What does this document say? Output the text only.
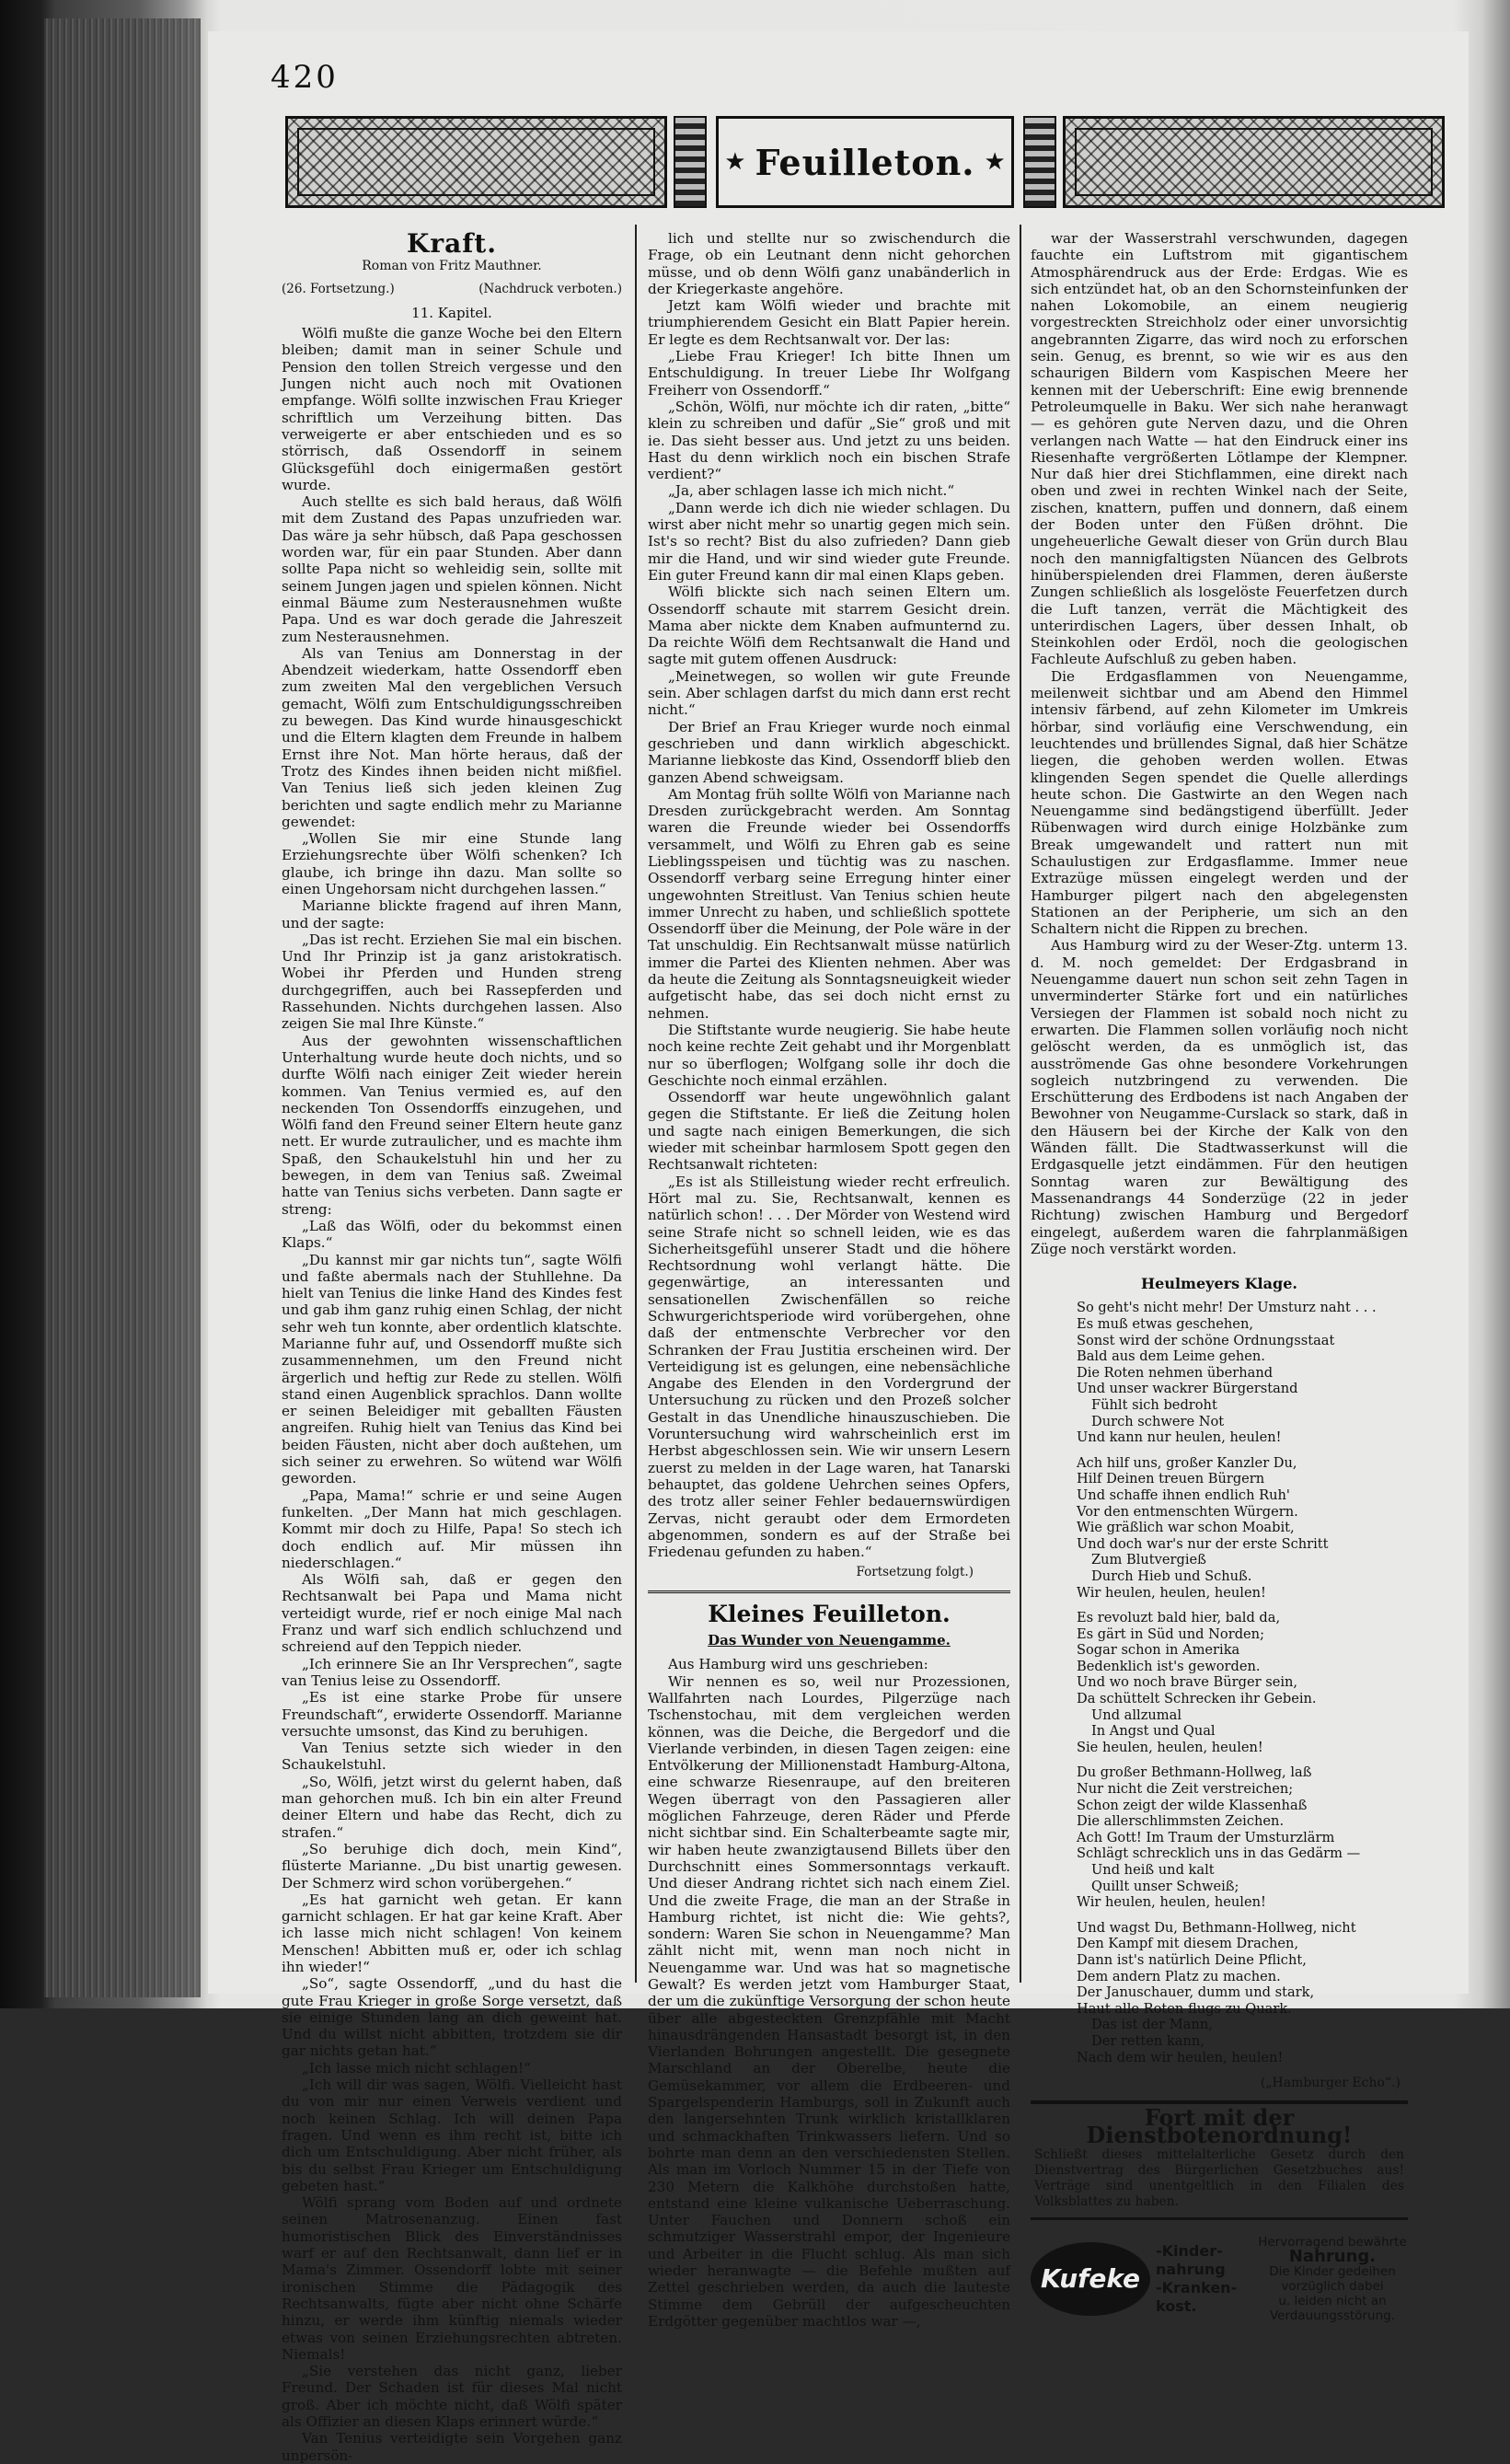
420
★ Feuilleton. ★
Kraft.
Roman von Fritz Mauthner.
(26. Fortsetzung.)	(Nachdruck verboten.)
11. Kapitel.

Wölfi mußte die ganze Woche bei den Eltern bleiben; damit man in seiner Schule und Pension den tollen Streich vergesse und den Jungen nicht auch noch mit Ovationen empfange. Wölfi sollte inzwischen Frau Krieger schriftlich um Verzeihung bitten. Das verweigerte er aber entschieden und es so störrisch, daß Ossendorff in seinem Glücksgefühl doch einigermaßen gestört wurde.

Auch stellte es sich bald heraus, daß Wölfi mit dem Zustand des Papas unzufrieden war. Das wäre ja sehr hübsch, daß Papa geschossen worden war, für ein paar Stunden. Aber dann sollte Papa nicht so wehleidig sein, sollte mit seinem Jungen jagen und spielen können. Nicht einmal Bäume zum Nesterausnehmen wußte Papa. Und es war doch gerade die Jahreszeit zum Nesterausnehmen.

Als van Tenius am Donnerstag in der Abendzeit wiederkam, hatte Ossendorff eben zum zweiten Mal den vergeblichen Versuch gemacht, Wölfi zum Entschuldigungsschreiben zu bewegen. Das Kind wurde hinausgeschickt und die Eltern klagten dem Freunde in halbem Ernst ihre Not. Man hörte heraus, daß der Trotz des Kindes ihnen beiden nicht mißfiel. Van Tenius ließ sich jeden kleinen Zug berichten und sagte endlich mehr zu Marianne gewendet:

„Wollen Sie mir eine Stunde lang Erziehungsrechte über Wölfi schenken? Ich glaube, ich bringe ihn dazu. Man sollte so einen Ungehorsam nicht durchgehen lassen.“

Marianne blickte fragend auf ihren Mann, und der sagte:

„Das ist recht. Erziehen Sie mal ein bischen. Und Ihr Prinzip ist ja ganz aristokratisch. Wobei ihr Pferden und Hunden streng durchgegriffen, auch bei Rassepferden und Rassehunden. Nichts durchgehen lassen. Also zeigen Sie mal Ihre Künste.“

Aus der gewohnten wissenschaftlichen Unterhaltung wurde heute doch nichts, und so durfte Wölfi nach einiger Zeit wieder herein kommen. Van Tenius vermied es, auf den neckenden Ton Ossendorffs einzugehen, und Wölfi fand den Freund seiner Eltern heute ganz nett. Er wurde zutraulicher, und es machte ihm Spaß, den Schaukelstuhl hin und her zu bewegen, in dem van Tenius saß. Zweimal hatte van Tenius sichs verbeten. Dann sagte er streng:

„Laß das Wölfi, oder du bekommst einen Klaps.“

„Du kannst mir gar nichts tun“, sagte Wölfi und faßte abermals nach der Stuhllehne. Da hielt van Tenius die linke Hand des Kindes fest und gab ihm ganz ruhig einen Schlag, der nicht sehr weh tun konnte, aber ordentlich klatschte. Marianne fuhr auf, und Ossendorff mußte sich zusammennehmen, um den Freund nicht ärgerlich und heftig zur Rede zu stellen. Wölfi stand einen Augenblick sprachlos. Dann wollte er seinen Beleidiger mit geballten Fäusten angreifen. Ruhig hielt van Tenius das Kind bei beiden Fäusten, nicht aber doch außtehen, um sich seiner zu erwehren. So wütend war Wölfi geworden.

„Papa, Mama!“ schrie er und seine Augen funkelten. „Der Mann hat mich geschlagen. Kommt mir doch zu Hilfe, Papa! So stech ich doch endlich auf. Mir müssen ihn niederschlagen.“

Als Wölfi sah, daß er gegen den Rechtsanwalt bei Papa und Mama nicht verteidigt wurde, rief er noch einige Mal nach Franz und warf sich endlich schluchzend und schreiend auf den Teppich nieder.

„Ich erinnere Sie an Ihr Versprechen“, sagte van Tenius leise zu Ossendorff.

„Es ist eine starke Probe für unsere Freundschaft“, erwiderte Ossendorff. Marianne versuchte umsonst, das Kind zu beruhigen.

Van Tenius setzte sich wieder in den Schaukelstuhl.

„So, Wölfi, jetzt wirst du gelernt haben, daß man gehorchen muß. Ich bin ein alter Freund deiner Eltern und habe das Recht, dich zu strafen.“

„So beruhige dich doch, mein Kind“, flüsterte Marianne. „Du bist unartig gewesen. Der Schmerz wird schon vorübergehen.“

„Es hat garnicht weh getan. Er kann garnicht schlagen. Er hat gar keine Kraft. Aber ich lasse mich nicht schlagen! Von keinem Menschen! Abbitten muß er, oder ich schlag ihn wieder!“

„So“, sagte Ossendorff, „und du hast die gute Frau Krieger in große Sorge versetzt, daß sie einige Stunden lang an dich geweint hat. Und du willst nicht abbitten, trotzdem sie dir gar nichts getan hat.“

„Ich lasse mich nicht schlagen!“

„Ich will dir was sagen, Wölfi. Vielleicht hast du von mir nur einen Verweis verdient und noch keinen Schlag. Ich will deinen Papa fragen. Und wenn es ihm recht ist, bitte ich dich um Entschuldigung. Aber nicht früher, als bis du selbst Frau Krieger um Entschuldigung gebeten hast.“

Wölfi sprang vom Boden auf und ordnete seinen Matrosenanzug. Einen fast humoristischen Blick des Einverständnisses warf er auf den Rechtsanwalt, dann lief er in Mama's Zimmer. Ossendorff lobte mit seiner ironischen Stimme die Pädagogik des Rechtsanwalts, fügte aber nicht ohne Schärfe hinzu, er werde ihm künftig niemals wieder etwas von seinen Erziehungsrechten abtreten. Niemals!

„Sie verstehen das nicht ganz, lieber Freund. Der Schaden ist für dieses Mal nicht groß. Aber ich möchte nicht, daß Wölfi später als Offizier an diesen Klaps erinnert würde.“

Van Tenius verteidigte sein Vorgehen ganz unpersön-

lich und stellte nur so zwischendurch die Frage, ob ein Leutnant denn nicht gehorchen müsse, und ob denn Wölfi ganz unabänderlich in der Kriegerkaste angehöre.

Jetzt kam Wölfi wieder und brachte mit triumphierendem Gesicht ein Blatt Papier herein. Er legte es dem Rechtsanwalt vor. Der las:

„Liebe Frau Krieger! Ich bitte Ihnen um Entschuldigung. In treuer Liebe Ihr Wolfgang Freiherr von Ossendorff.“

„Schön, Wölfi, nur möchte ich dir raten, „bitte“ klein zu schreiben und dafür „Sie“ groß und mit ie. Das sieht besser aus. Und jetzt zu uns beiden. Hast du denn wirklich noch ein bischen Strafe verdient?“

„Ja, aber schlagen lasse ich mich nicht.“

„Dann werde ich dich nie wieder schlagen. Du wirst aber nicht mehr so unartig gegen mich sein. Ist's so recht? Bist du also zufrieden? Dann gieb mir die Hand, und wir sind wieder gute Freunde. Ein guter Freund kann dir mal einen Klaps geben.

Wölfi blickte sich nach seinen Eltern um. Ossendorff schaute mit starrem Gesicht drein. Mama aber nickte dem Knaben aufmunternd zu. Da reichte Wölfi dem Rechtsanwalt die Hand und sagte mit gutem offenen Ausdruck:

„Meinetwegen, so wollen wir gute Freunde sein. Aber schlagen darfst du mich dann erst recht nicht.“

Der Brief an Frau Krieger wurde noch einmal geschrieben und dann wirklich abgeschickt. Marianne liebkoste das Kind, Ossendorff blieb den ganzen Abend schweigsam.

Am Montag früh sollte Wölfi von Marianne nach Dresden zurückgebracht werden. Am Sonntag waren die Freunde wieder bei Ossendorffs versammelt, und Wölfi zu Ehren gab es seine Lieblingsspeisen und tüchtig was zu naschen. Ossendorff verbarg seine Erregung hinter einer ungewohnten Streitlust. Van Tenius schien heute immer Unrecht zu haben, und schließlich spottete Ossendorff über die Meinung, der Pole wäre in der Tat unschuldig. Ein Rechtsanwalt müsse natürlich immer die Partei des Klienten nehmen. Aber was da heute die Zeitung als Sonntagsneuigkeit wieder aufgetischt habe, das sei doch nicht ernst zu nehmen.

Die Stiftstante wurde neugierig. Sie habe heute noch keine rechte Zeit gehabt und ihr Morgenblatt nur so überflogen; Wolfgang solle ihr doch die Geschichte noch einmal erzählen.

Ossendorff war heute ungewöhnlich galant gegen die Stiftstante. Er ließ die Zeitung holen und sagte nach einigen Bemerkungen, die sich wieder mit scheinbar harmlosem Spott gegen den Rechtsanwalt richteten:

„Es ist als Stilleistung wieder recht erfreulich. Hört mal zu. Sie, Rechtsanwalt, kennen es natürlich schon! . . . Der Mörder von Westend wird seine Strafe nicht so schnell leiden, wie es das Sicherheitsgefühl unserer Stadt und die höhere Rechtsordnung wohl verlangt hätte. Die gegenwärtige, an interessanten und sensationellen Zwischenfällen so reiche Schwurgerichtsperiode wird vorübergehen, ohne daß der entmenschte Verbrecher vor den Schranken der Frau Justitia erscheinen wird. Der Verteidigung ist es gelungen, eine nebensächliche Angabe des Elenden in den Vordergrund der Untersuchung zu rücken und den Prozeß solcher Gestalt in das Unendliche hinauszuschieben. Die Voruntersuchung wird wahrscheinlich erst im Herbst abgeschlossen sein. Wie wir unsern Lesern zuerst zu melden in der Lage waren, hat Tanarski behauptet, das goldene Uehrchen seines Opfers, des trotz aller seiner Fehler bedauernswürdigen Zervas, nicht geraubt oder dem Ermordeten abgenommen, sondern es auf der Straße bei Friedenau gefunden zu haben.“

Fortsetzung folgt.)
Kleines Feuilleton.
Das Wunder von Neuengamme.

Aus Hamburg wird uns geschrieben:

Wir nennen es so, weil nur Prozessionen, Wallfahrten nach Lourdes, Pilgerzüge nach Tschenstochau, mit dem vergleichen werden können, was die Deiche, die Bergedorf und die Vierlande verbinden, in diesen Tagen zeigen: eine Entvölkerung der Millionenstadt Hamburg-Altona, eine schwarze Riesenraupe, auf den breiteren Wegen überragt von den Passagieren aller möglichen Fahrzeuge, deren Räder und Pferde nicht sichtbar sind. Ein Schalterbeamte sagte mir, wir haben heute zwanzigtausend Billets über den Durchschnitt eines Sommersonntags verkauft. Und dieser Andrang richtet sich nach einem Ziel. Und die zweite Frage, die man an der Straße in Hamburg richtet, ist nicht die: Wie gehts?, sondern: Waren Sie schon in Neuengamme? Man zählt nicht mit, wenn man noch nicht in Neuengamme war. Und was hat so magnetische Gewalt? Es werden jetzt vom Hamburger Staat, der um die zukünftige Versorgung der schon heute über alle abgesteckten Grenzpfähle mit Macht hinausdrängenden Hansastadt besorgt ist, in den Vierlanden Bohrungen angestellt. Die gesegnete Marschland an der Oberelbe, heute die Gemüsekammer, vor allem die Erdbeeren- und Spargelspenderin Hamburgs, soll in Zukunft auch den langersehnten Trunk wirklich kristallklaren und schmackhaften Trinkwassers liefern. Und so bohrte man denn an den verschiedensten Stellen. Als man im Vorloch Nummer 15 in der Tiefe von 230 Metern die Kalkhöhe durchstoßen hatte, entstand eine kleine vulkanische Ueberraschung. Unter Fauchen und Donnern schoß ein schmutziger Wasserstrahl empor, der Ingenieure und Arbeiter in die Flucht schlug. Als man sich wieder heranwagte — die Befehle mußten auf Zettel geschrieben werden, da auch die lauteste Stimme dem Gebrüll der aufgescheuchten Erdgötter gegenüber machtlos war —,

war der Wasserstrahl verschwunden, dagegen fauchte ein Luftstrom mit gigantischem Atmosphärendruck aus der Erde: Erdgas. Wie es sich entzündet hat, ob an den Schornsteinfunken der nahen Lokomobile, an einem neugierig vorgestreckten Streichholz oder einer unvorsichtig angebrannten Zigarre, das wird noch zu erforschen sein. Genug, es brennt, so wie wir es aus den schaurigen Bildern vom Kaspischen Meere her kennen mit der Ueberschrift: Eine ewig brennende Petroleumquelle in Baku. Wer sich nahe heranwagt — es gehören gute Nerven dazu, und die Ohren verlangen nach Watte — hat den Eindruck einer ins Riesenhafte vergrößerten Lötlampe der Klempner. Nur daß hier drei Stichflammen, eine direkt nach oben und zwei in rechten Winkel nach der Seite, zischen, knattern, puffen und donnern, daß einem der Boden unter den Füßen dröhnt. Die ungeheuerliche Gewalt dieser von Grün durch Blau noch den mannigfaltigsten Nüancen des Gelbrots hinüberspielenden drei Flammen, deren äußerste Zungen schließlich als losgelöste Feuerfetzen durch die Luft tanzen, verrät die Mächtigkeit des unterirdischen Lagers, über dessen Inhalt, ob Steinkohlen oder Erdöl, noch die geologischen Fachleute Aufschluß zu geben haben.

Die Erdgasflammen von Neuengamme, meilenweit sichtbar und am Abend den Himmel intensiv färbend, auf zehn Kilometer im Umkreis hörbar, sind vorläufig eine Verschwendung, ein leuchtendes und brüllendes Signal, daß hier Schätze liegen, die gehoben werden wollen. Etwas klingenden Segen spendet die Quelle allerdings heute schon. Die Gastwirte an den Wegen nach Neuengamme sind bedängstigend überfüllt. Jeder Rübenwagen wird durch einige Holzbänke zum Break umgewandelt und rattert nun mit Schaulustigen zur Erdgasflamme. Immer neue Extrazüge müssen eingelegt werden und der Hamburger pilgert nach den abgelegensten Stationen an der Peripherie, um sich an den Schaltern nicht die Rippen zu brechen.

Aus Hamburg wird zu der Weser-Ztg. unterm 13. d. M. noch gemeldet: Der Erdgasbrand in Neuengamme dauert nun schon seit zehn Tagen in unverminderter Stärke fort und ein natürliches Versiegen der Flammen ist sobald noch nicht zu erwarten. Die Flammen sollen vorläufig noch nicht gelöscht werden, da es unmöglich ist, das ausströmende Gas ohne besondere Vorkehrungen sogleich nutzbringend zu verwenden. Die Erschütterung des Erdbodens ist nach Angaben der Bewohner von Neugamme-Curslack so stark, daß in den Häusern bei der Kirche der Kalk von den Wänden fällt. Die Stadtwasserkunst will die Erdgasquelle jetzt eindämmen. Für den heutigen Sonntag waren zur Bewältigung des Massenandrangs 44 Sonderzüge (22 in jeder Richtung) zwischen Hamburg und Bergedorf eingelegt, außerdem waren die fahrplanmäßigen Züge noch verstärkt worden.

Heulmeyers Klage.
So geht's nicht mehr! Der Umsturz naht . . .
Es muß etwas geschehen,
Sonst wird der schöne Ordnungsstaat
Bald aus dem Leime gehen.
Die Roten nehmen überhand
Und unser wackrer Bürgerstand
Fühlt sich bedroht
Durch schwere Not
Und kann nur heulen, heulen!
Ach hilf uns, großer Kanzler Du,
Hilf Deinen treuen Bürgern
Und schaffe ihnen endlich Ruh'
Vor den entmenschten Würgern.
Wie gräßlich war schon Moabit,
Und doch war's nur der erste Schritt
Zum Blutvergieß
Durch Hieb und Schuß.
Wir heulen, heulen, heulen!
Es revoluzt bald hier, bald da,
Es gärt in Süd und Norden;
Sogar schon in Amerika
Bedenklich ist's geworden.
Und wo noch brave Bürger sein,
Da schüttelt Schrecken ihr Gebein.
Und allzumal
In Angst und Qual
Sie heulen, heulen, heulen!
Du großer Bethmann-Hollweg, laß
Nur nicht die Zeit verstreichen;
Schon zeigt der wilde Klassenhaß
Die allerschlimmsten Zeichen.
Ach Gott! Im Traum der Umsturzlärm
Schlägt schrecklich uns in das Gedärm —
Und heiß und kalt
Quillt unser Schweiß;
Wir heulen, heulen, heulen!
Und wagst Du, Bethmann-Hollweg, nicht
Den Kampf mit diesem Drachen,
Dann ist's natürlich Deine Pflicht,
Dem andern Platz zu machen.
Der Januschauer, dumm und stark,
Haut alle Roten flugs zu Quark.
Das ist der Mann,
Der retten kann,
Nach dem wir heulen, heulen!
(„Hamburger Echo“.)
Fort mit der Dienstbotenordnung!
Schließt dieses mittelalterliche Gesetz durch den Dienstvertrag des Bürgerlichen Gesetzbuches aus! Verträge sind unentgeltlich in den Filialen des Volksblattes zu haben.
Kufeke
-Kinder-
nahrung
-Kranken-
kost.
Hervorragend bewährte
Nahrung.
Die Kinder gedeihen vorzüglich dabei
u. leiden nicht an Verdauungsstörung.
